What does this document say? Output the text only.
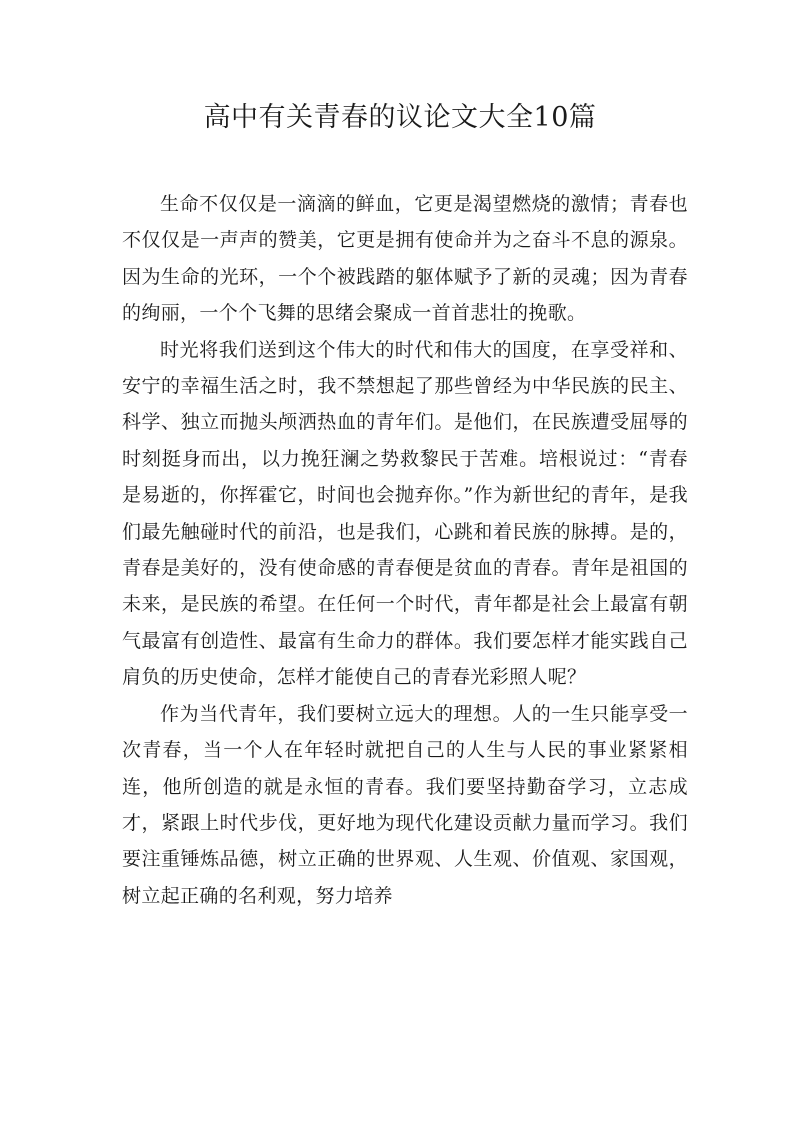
高中有关青春的议论文大全10篇

生命不仅仅是一滴滴的鲜血，它更是渴望燃烧的激情；青春也不仅仅是一声声的赞美，它更是拥有使命并为之奋斗不息的源泉。因为生命的光环，一个个被践踏的躯体赋予了新的灵魂；因为青春的绚丽，一个个飞舞的思绪会聚成一首首悲壮的挽歌。

时光将我们送到这个伟大的时代和伟大的国度，在享受祥和、安宁的幸福生活之时，我不禁想起了那些曾经为中华民族的民主、科学、独立而抛头颅洒热血的青年们。是他们，在民族遭受屈辱的时刻挺身而出，以力挽狂澜之势救黎民于苦难。培根说过：“青春是易逝的，你挥霍它，时间也会抛弃你。”作为新世纪的青年，是我们最先触碰时代的前沿，也是我们，心跳和着民族的脉搏。是的，青春是美好的，没有使命感的青春便是贫血的青春。青年是祖国的未来，是民族的希望。在任何一个时代，青年都是社会上最富有朝气最富有创造性、最富有生命力的群体。我们要怎样才能实践自己肩负的历史使命，怎样才能使自己的青春光彩照人呢？

作为当代青年，我们要树立远大的理想。人的一生只能享受一次青春，当一个人在年轻时就把自己的人生与人民的事业紧紧相连，他所创造的就是永恒的青春。我们要坚持勤奋学习，立志成才，紧跟上时代步伐，更好地为现代化建设贡献力量而学习。我们要注重锤炼品德，树立正确的世界观、人生观、价值观、家国观，树立起正确的名利观，努力培养
